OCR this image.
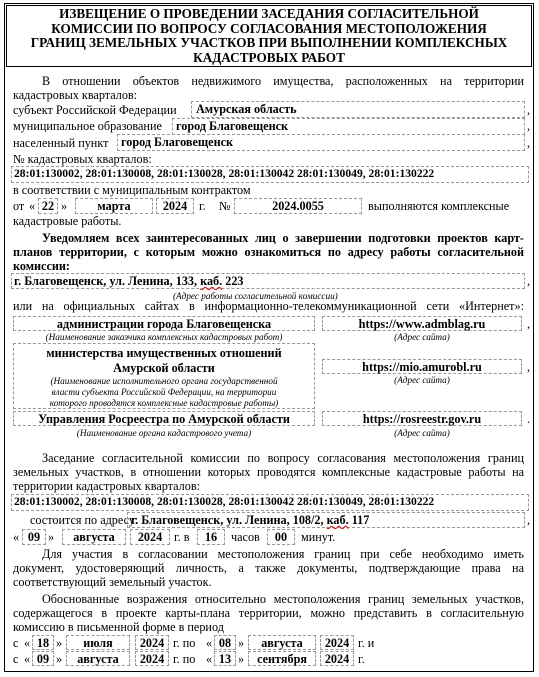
ИЗВЕЩЕНИЕ О ПРОВЕДЕНИИ ЗАСЕДАНИЯ СОГЛАСИТЕЛЬНОЙ
КОМИССИИ ПО ВОПРОСУ СОГЛАСОВАНИЯ МЕСТОПОЛОЖЕНИЯ
ГРАНИЦ ЗЕМЕЛЬНЫХ УЧАСТКОВ ПРИ ВЫПОЛНЕНИИ КОМПЛЕКСНЫХ
КАДАСТРОВЫХ РАБОТ
В отношении объектов недвижимого имущества, расположенных на территории
кадастровых кварталов:
субъект Российской Федерации	Амурская область	,
муниципальное образование	город Благовещенск	,
населенный пункт	город Благовещенск	,
№ кадастровых кварталов:
28:01:130002, 28:01:130008, 28:01:130028, 28:01:130042 28:01:130049, 28:01:130222
в соответствии с муниципальным контрактом
от « 22 »	марта	2024 г. №	2024.0055	выполняются комплексные
кадастровые работы.
Уведомляем всех заинтересованных лиц о завершении подготовки проектов карт-
планов территории, с которым можно ознакомиться по адресу работы согласительной
комиссии:
г. Благовещенск, ул. Ленина, 133, каб. 223	,
(Адрес работы согласительной комиссии)
или на официальных сайтах в информационно-телекоммуникационной сети «Интернет»:
администрации города Благовещенска
(Наименование заказчика комплексных кадастровых работ)
https://www.admblag.ru
(Адрес сайта)
,
министерства имущественных отношений
Амурской области
(Наименование исполнительного органа государственной
власти субъекта Российской Федерации, на территории
которого проводятся комплексные кадастровые работы)
https://mio.amurobl.ru
(Адрес сайта)
,
Управления Росреестра по Амурской области
(Наименование органа кадастрового учета)
https://rosreestr.gov.ru
(Адрес сайта)
.
Заседание согласительной комиссии по вопросу согласования местоположения границ
земельных участков, в отношении которых проводятся комплексные кадастровые работы на
территории кадастровых кварталов:
28:01:130002, 28:01:130008, 28:01:130028, 28:01:130042 28:01:130049, 28:01:130222
состоится по адресу:
г. Благовещенск, ул. Ленина, 108/2, каб. 117	,
« 09 »	августа	2024 г. в	16	часов	00	минут.
Для участия в согласовании местоположения границ при себе необходимо иметь
документ, удостоверяющий личность, а также документы, подтверждающие права на
соответствующий земельный участок.
Обоснованные возражения относительно местоположения границ земельных участков,
содержащегося в проекте карты-плана территории, можно представить в согласительную
комиссию в письменной форме в период
с « 18 »	июля	2024 г. по « 08 »	августа	2024 г. и
с « 09 »	августа	2024 г. по « 13 »	сентября	2024 г.
